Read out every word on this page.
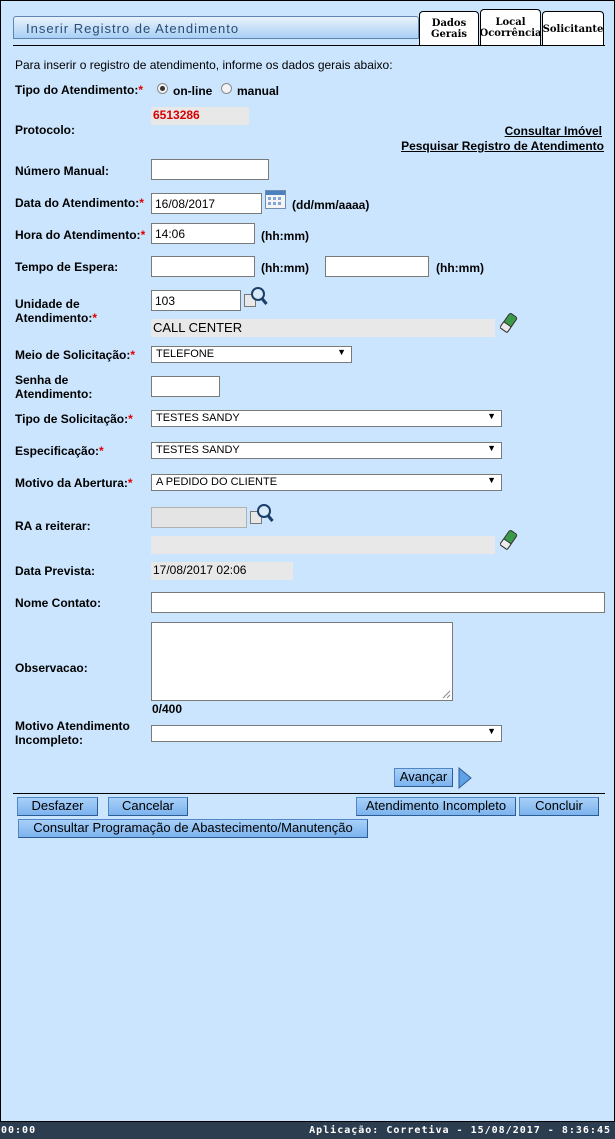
Inserir Registro de Atendimento	Dados
Gerais
Local
Ocorrência Solicitante
Para inserir o registro de atendimento, informe os dados gerais abaixo:
Tipo do Atendimento:*	on-line manual
Protocolo:
6513286
Consultar Imóvel
Pesquisar Registro de Atendimento
Número Manual:
Data do Atendimento:* 16/08/2017	(dd/mm/aaaa)
Hora do Atendimento:* 14:06	(hh:mm)
Tempo de Espera:	(hh:mm)	(hh:mm)
Unidade de
Atendimento:*
103
CALL CENTER
Meio de Solicitação:*	TELEFONE	▼
Senha de
Atendimento:
Tipo de Solicitação:*	TESTES SANDY	▼
Especificação:*	TESTES SANDY	▼
Motivo da Abertura:*	A PEDIDO DO CLIENTE	▼
RA a reiterar:
Data Prevista:	17/08/2017 02:06
Nome Contato:
Observacao:
0/400
Motivo Atendimento
Incompleto:
▼
Avançar
Desfazer	Cancelar	Atendimento Incompleto	Concluir
Consultar Programação de Abastecimento/Manutenção
00:00	Aplicação: Corretiva - 15/08/2017 - 8:36:45
